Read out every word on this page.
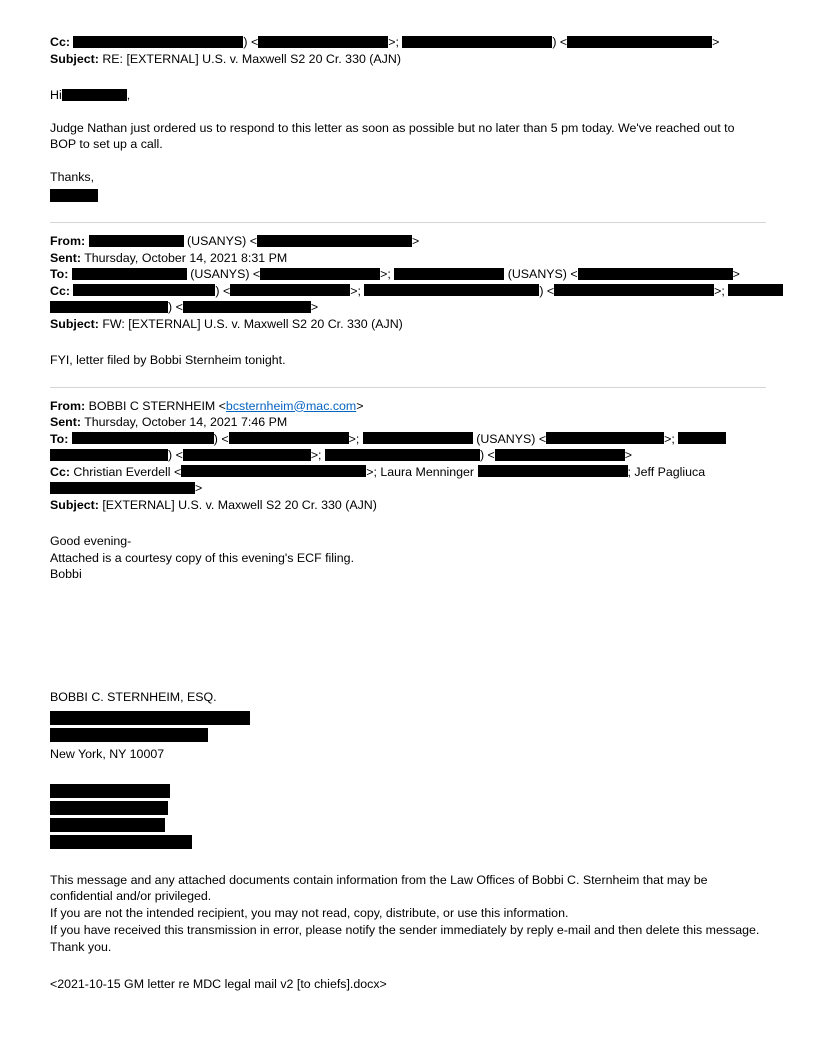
Cc:	) <	>;	) <	>
Subject: RE: [EXTERNAL] U.S. v. Maxwell S2 20 Cr. 330 (AJN)
Hi	,
Judge Nathan just ordered us to respond to this letter as soon as possible but no later than 5 pm today. We've reached out to BOP to set up a call.
Thanks,
From:	(USANYS) <	>
Sent: Thursday, October 14, 2021 8:31 PM
To:	(USANYS) <	>;	(USANYS) <	>
Cc:	) <	>;	) <	>;
) <	>
Subject: FW: [EXTERNAL] U.S. v. Maxwell S2 20 Cr. 330 (AJN)
FYI, letter filed by Bobbi Sternheim tonight.
From: BOBBI C STERNHEIM <bcsternheim@mac.com>
Sent: Thursday, October 14, 2021 7:46 PM
To:	) <	>;	(USANYS) <	>;
) <	>;	) <	>
Cc: Christian Everdell <	>; Laura Menninger	; Jeff Pagliuca
>
Subject: [EXTERNAL] U.S. v. Maxwell S2 20 Cr. 330 (AJN)
Good evening-
Attached is a courtesy copy of this evening's ECF filing.
Bobbi
BOBBI C. STERNHEIM, ESQ.
New York, NY 10007
This message and any attached documents contain information from the Law Offices of Bobbi C. Sternheim that may be confidential and/or privileged.
If you are not the intended recipient, you may not read, copy, distribute, or use this information.
If you have received this transmission in error, please notify the sender immediately by reply e-mail and then delete this message. Thank you.
<2021-10-15 GM letter re MDC legal mail v2 [to chiefs].docx>
